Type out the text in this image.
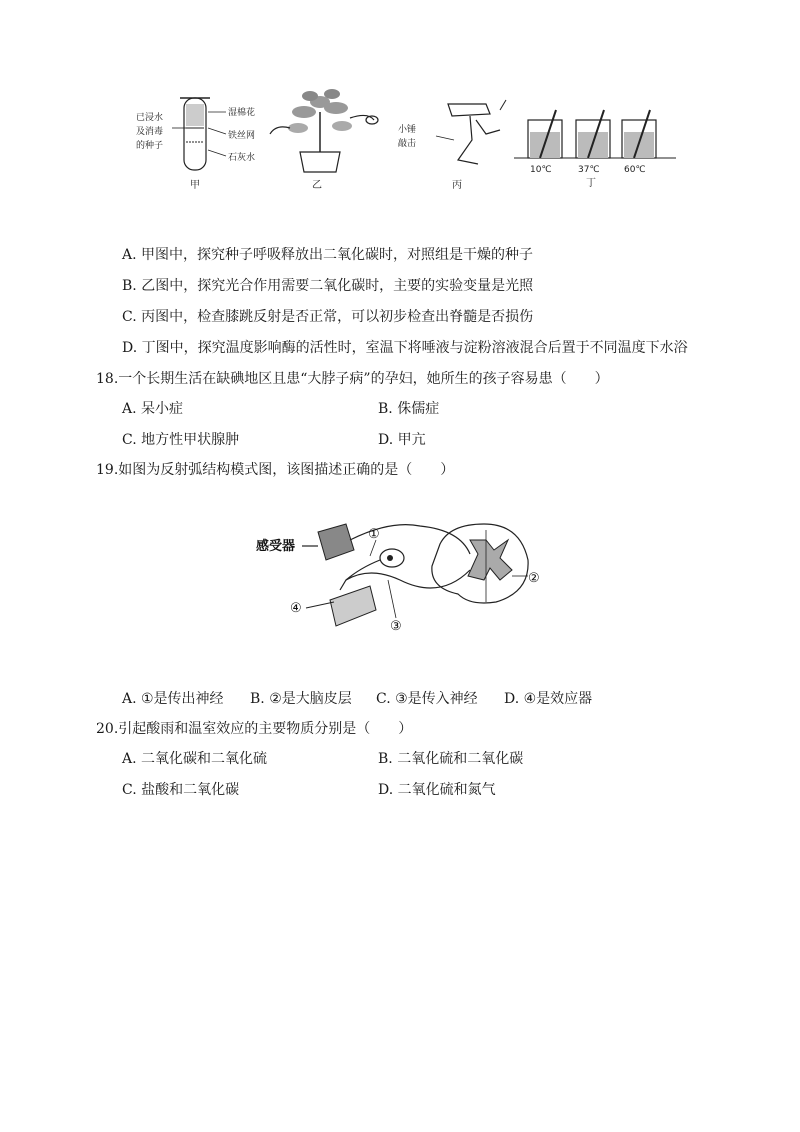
已浸水
及消毒
的种子
湿棉花
铁丝网
石灰水
甲	乙
小锤
敲击
丙
10℃	37℃	60℃
丁
A. 甲图中，探究种子呼吸释放出二氧化碳时，对照组是干燥的种子
B. 乙图中，探究光合作用需要二氧化碳时，主要的实验变量是光照
C. 丙图中，检查膝跳反射是否正常，可以初步检查出脊髓是否损伤
D. 丁图中，探究温度影响酶的活性时，室温下将唾液与淀粉溶液混合后置于不同温度下水浴
18.一个长期生活在缺碘地区且患“大脖子病”的孕妇，她所生的孩子容易患（　　）
A. 呆小症	B. 侏儒症
C. 地方性甲状腺肿	D. 甲亢
19.如图为反射弧结构模式图，该图描述正确的是（　　）
感受器
①
②
③
④
A. ①是传出神经 B. ②是大脑皮层 C. ③是传入神经 D. ④是效应器
20.引起酸雨和温室效应的主要物质分别是（　　）
A. 二氧化碳和二氧化硫	B. 二氧化硫和二氧化碳
C. 盐酸和二氧化碳	D. 二氧化硫和氮气
